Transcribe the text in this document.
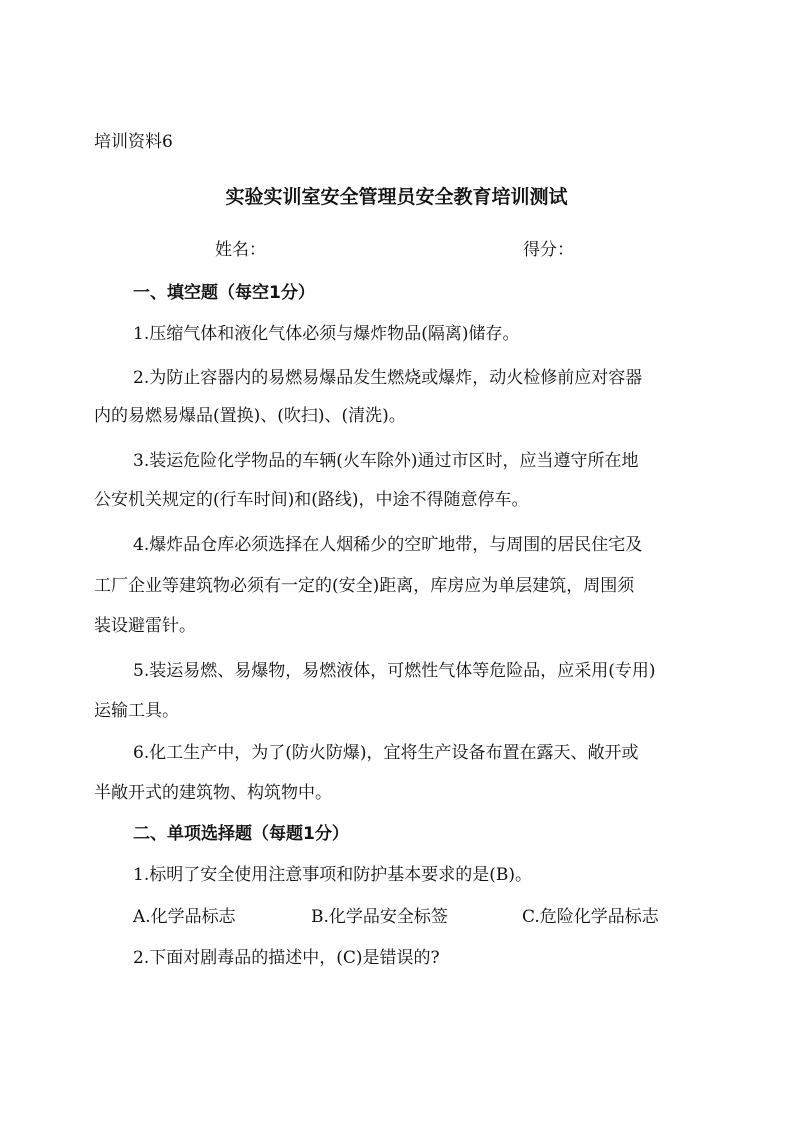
培训资料6
实验实训室安全管理员安全教育培训测试
姓名：	得分：
一、填空题（每空1分）
1.压缩气体和液化气体必须与爆炸物品(隔离)储存。
2.为防止容器内的易燃易爆品发生燃烧或爆炸，动火检修前应对容器
内的易燃易爆品(置换)、(吹扫)、(清洗)。
3.装运危险化学物品的车辆(火车除外)通过市区时，应当遵守所在地
公安机关规定的(行车时间)和(路线)，中途不得随意停车。
4.爆炸品仓库必须选择在人烟稀少的空旷地带，与周围的居民住宅及
工厂企业等建筑物必须有一定的(安全)距离，库房应为单层建筑，周围须
装设避雷针。
5.装运易燃、易爆物，易燃液体，可燃性气体等危险品，应采用(专用)
运输工具。
6.化工生产中，为了(防火防爆)，宜将生产设备布置在露天、敞开或
半敞开式的建筑物、构筑物中。
二、单项选择题（每题1分）
1.标明了安全使用注意事项和防护基本要求的是(B)。
A.化学品标志	B.化学品安全标签	C.危险化学品标志
2.下面对剧毒品的描述中，(C)是错误的?
